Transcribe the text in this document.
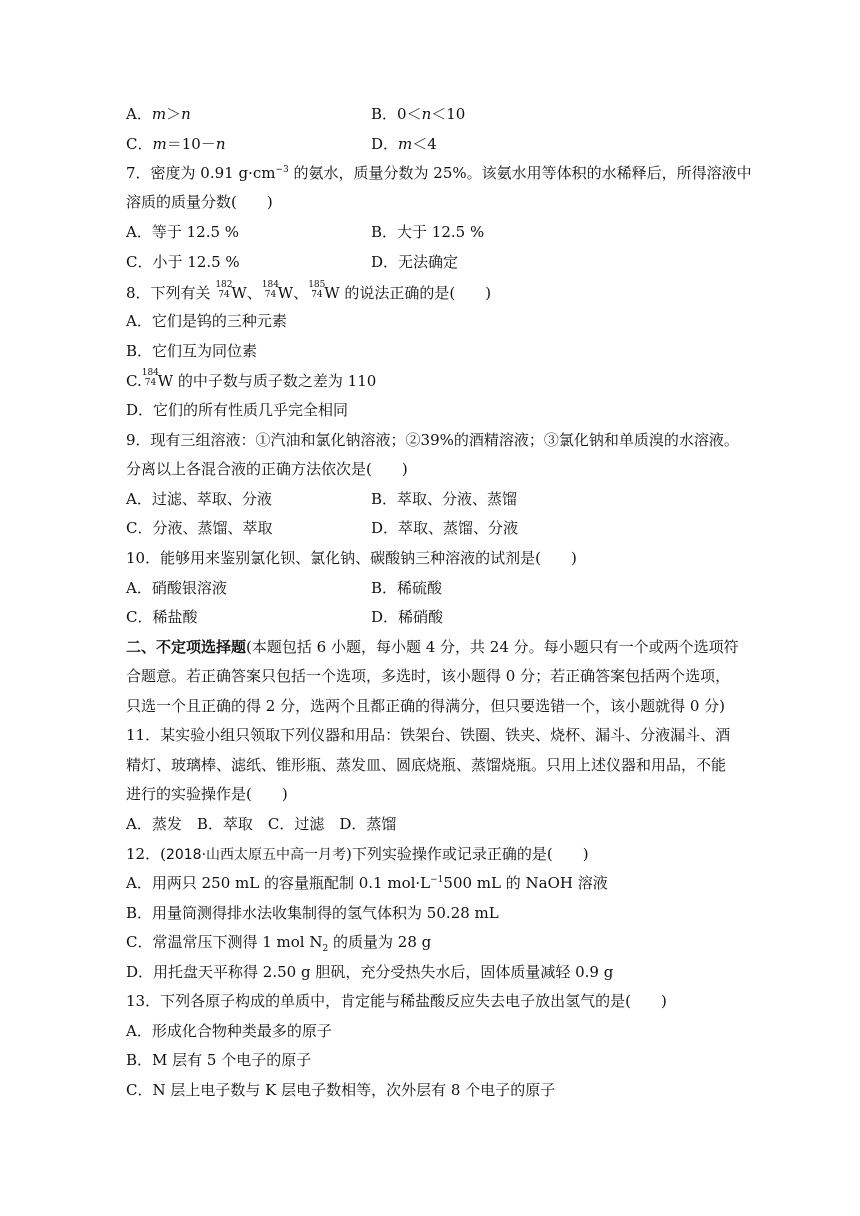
A．m＞n	B．0＜n＜10
C．m＝10－n	D．m＜4
7．密度为 0.91 $g\cdot cm^{-3}$ 的氨水，质量分数为 25%。该氨水用等体积的水稀释后，所得溶液中
溶质的质量分数(　　)
A．等于 12.5 %	B．大于 12.5 %
C．小于 12.5 %	D．无法确定
8．下列有关 182
74 W、 184
74 W、 185
74 W 的说法正确的是(　　)
A．它们是钨的三种元素
B．它们互为同位素
C. 184
74 W 的中子数与质子数之差为 110
D．它们的所有性质几乎完全相同
9．现有三组溶液：①汽油和氯化钠溶液；②39%的酒精溶液；③氯化钠和单质溴的水溶液。
分离以上各混合液的正确方法依次是(　　)
A．过滤、萃取、分液	B．萃取、分液、蒸馏
C．分液、蒸馏、萃取	D．萃取、蒸馏、分液
10．能够用来鉴别氯化钡、氯化钠、碳酸钠三种溶液的试剂是(　　)
A．硝酸银溶液	B．稀硫酸
C．稀盐酸	D．稀硝酸
二、不定项选择题(本题包括 6 小题，每小题 4 分，共 24 分。每小题只有一个或两个选项符
合题意。若正确答案只包括一个选项，多选时，该小题得 0 分；若正确答案包括两个选项，
只选一个且正确的得 2 分，选两个且都正确的得满分，但只要选错一个，该小题就得 0 分)
11．某实验小组只领取下列仪器和用品：铁架台、铁圈、铁夹、烧杯、漏斗、分液漏斗、酒
精灯、玻璃棒、滤纸、锥形瓶、蒸发皿、圆底烧瓶、蒸馏烧瓶。只用上述仪器和用品，不能
进行的实验操作是(　　)
A．蒸发　B．萃取　C．过滤　D．蒸馏
12．(2018·山西太原五中高一月考)下列实验操作或记录正确的是(　　)
A．用两只 250 mL 的容量瓶配制 0.1 $mol\cdot L^{-1}500$ mL 的 NaOH 溶液
B．用量筒测得排水法收集制得的氢气体积为 50.28 mL
C．常温常压下测得 1 mol $N_2$ 的质量为 28 g
D．用托盘天平称得 2.50 g 胆矾，充分受热失水后，固体质量减轻 0.9 g
13．下列各原子构成的单质中，肯定能与稀盐酸反应失去电子放出氢气的是(　　)
A．形成化合物种类最多的原子
B．M 层有 5 个电子的原子
C．N 层上电子数与 K 层电子数相等，次外层有 8 个电子的原子
